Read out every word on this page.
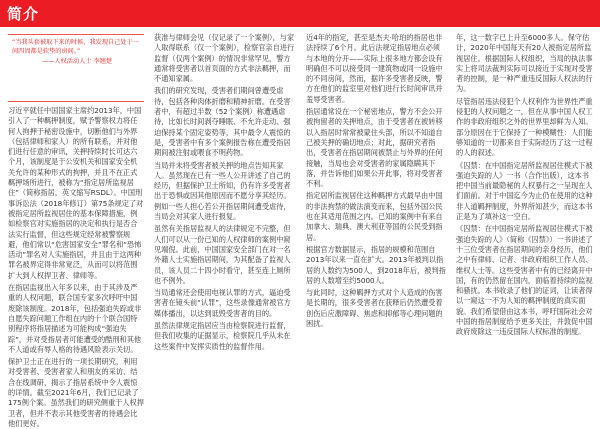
简介
“当我头套被取下来的时候，我发现自己处于一间四周都是软垫的房间。”
——人权活动人士 李翘楚

习近平就任中国国家主席约2013年，中国引入了一种羁押制度，赋予警察权力将任何人拘押于秘密设施中，切断他们与外界（包括律师和家人）的所有联系，并对他们进行任意的审讯，关押持续时长可达六个月，该制度是于公安机关和国家安全机关允许的某种形式的拘押，并且不在正式羁押场所进行，被称为“指定居所监视居住”（简称指居，英文缩写RSDL）。中国刑事诉讼法（2018年修订）第75条规定了对被指定居所监视居住的基本保障措施，例如检察官对实施指居的决定和执行是否合法实行监督，但这些规定经常被警察规避，他们常以“危害国家安全”罪名和“恐怖活动”罪名对人实施指居，并且由于这两种罪名被界定得非常宽泛，从而可以将范围扩大到人权捍卫者、律师等。

在指居监视出入年多以来，由于其涉及严重的人权问题，联合国专家多次呼吁中国废除该制度。2018年，包括强迫失踪或非自愿失踪问题工作组在内的十个联合国特别程序将指居描述为可能构成“强迫失踪”，并对受指居者可能遭受的酷刑和其他不人道或有辱人格的待遇风险表示关切。

保护卫士正在进行的一项长期研究，利用对受害者、受害者家人和朋友的采访、结合在线调研，揭示了指居系统中令人震惊的详情。截至2021年6月，我们已记录了175例个案。虽然我们的研究侧重于人权捍卫者，但并不表示其他受害者的待遇会比他们更好。

获准与律师会见（仅记录了一个案例），与家人取得联系（仅一个案例），检察官亲自进行监督（仅两个案例）的情况非常罕见，警方通常将受害者以首页面的方式非法羁押，而不通知家属。

我们的研究发现，受害者们期间曾遭受虐待，包括各种肉体折磨和精神折磨。在受害者中，有超过半数（52个案例）称遭遇虐待，比如长时间剥夺睡眠、不允许走动、强迫保持某个固定姿势等，其中最令人震惊的是，受害者中有多个案例报告称在遭受指居期间被注射或喂食不明药物。

当局并未将受害者被关押的地点告知其家人。虽然现在已有一些人公开讲述了自己的经历，但据保护卫士所知，仍有许多受害者出于恐惧或因其他原因而不愿分享其经历。例如一些人担心若公开指居期间遭受虐待，当局会对其家人进行报复。

虽然有关指居监视人的法律规定不完整，但人们可以从一份已知的人权律师的案例中窥见端倪。此前，中国国家安全部门在对一名外籍人士实施指居期间，为其配备了监视人员，该人员二十四小时看守，甚至连上厕所也不例外。

当局通常还会使用电视认罪的方式，逼迫受害者在镜头前“认罪”，这些录像通常被官方媒体播出，以达到诋毁受害者的目的。

虽然法律规定指居应当由检察院进行监督，但我们收集的证据显示，检察院几乎从未在这些案件中发挥实质性的监督作用。

近4年的指定，甚至是杰夫·哈珀的指居也非法持续了6个月。此后法规定指居地点必须与本地的分开——实际上很多地方都会设有明确但不可以接受同一建筑物或同一设施中的不同房间，然而，据许多受害者反映，警方在他们的监室里对他们进行长时间审讯并羞辱受害者。

指居通常设在一个秘密地点，警方不会公开被拘留者的关押地点，由于受害者在被转移以入指居时常常被蒙住头部，所以不知道自己被关押的确切地点；对此，据研究者指出，受害者在指居期间被禁止与外界的任何接触，当局也会对受害者的家属隐瞒其下落，并告诉他们如果公开此事，将对受害者不利。

指定居所监视居住这种羁押方式最早由中国的非法拘禁的做法演变而来，包括外国公民也在其适用范围之内。已知的案例中有来自加拿大、瑞典、澳大利亚等国的公民受到指居。

根据官方数据显示，指居的规模和范围自2013年以来一直在扩大。2013年被判以指居的人数约为500人，到2018年后，被判指居的人数增至约5000人。

与此同时，这种羁押方式对个人造成的伤害是长期的，很多受害者在获释后仍然遭受着创伤后应激障碍、焦虑和抑郁等心理问题的困扰。

年，这一数字已上升至6000多人。保守估计，2020年中国每天有20人被指定居所监视居住。根据国际人权组织，当局的执法事实上将司法裁判实际可以接近于实现对受害者的控制，是一种严重违反国际人权法的行为。

尽管指居违法侵犯个人权利作为世界性严重侵犯的人权问题之一，但在从事中国人权工作的非政府组织之外的世界里却鲜为人知。部分原因在于它保持了一种模糊性：人们能够知道的一切都来自于实际经历了这一过程的人的叙述。

《囚禁：在中国指定居所监视居住模式下被强迫失踪的人》一书（合作出版），这本书把中国当前最隐秘的人权暴行之一呈现在人们面前。对于中国迄今为止仍在使用的这种非人道羁押制度，外界所知甚少，而这本书正是为了填补这一空白。

《囚禁：在中国指定居所监视居住模式下被强迫失踪的人》（简称《囚禁》）一书讲述了十三位受害者在指居期间的亲身经历，他们之中有律师、记者、非政府组织工作人员、维权人士等。这些受害者中有的已经离开中国，有的仍然留在国内，面临着持续的监视和骚扰。本书收录了他们的证词，让读者得以一窥这一不为人知的羁押制度的真实面貌。我们希望借由这本书，呼吁国际社会对中国的指居制度给予更多关注，并敦促中国政府废除这一违反国际人权标准的制度。
